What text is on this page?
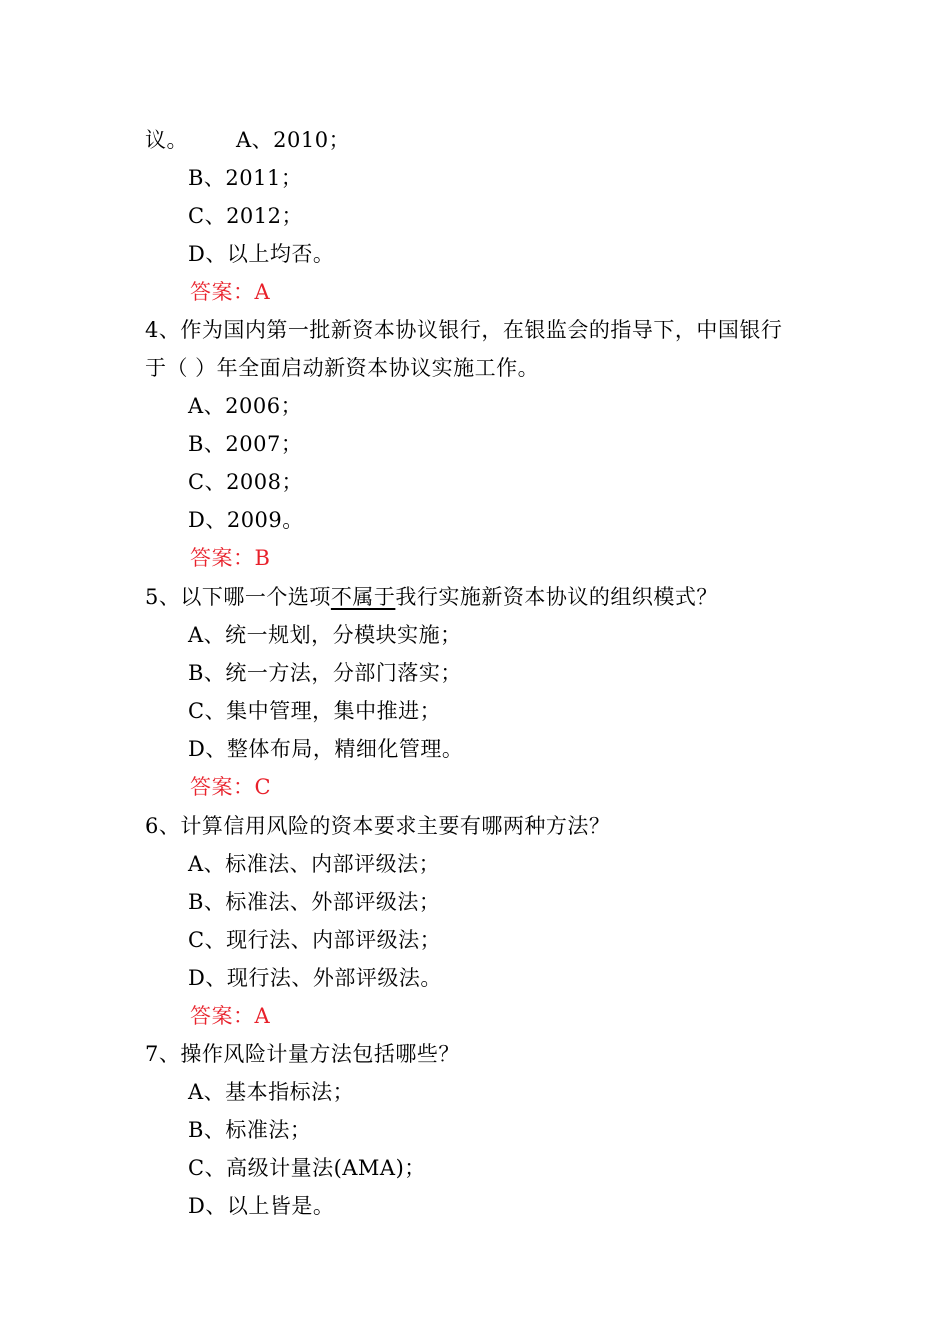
议。 A、2010；
B、2011；
C、2012；
D、以上均否。
答案：A
4、作为国内第一批新资本协议银行，在银监会的指导下，中国银行
于（ ）年全面启动新资本协议实施工作。
A、2006；
B、2007；
C、2008；
D、2009。
答案：B
5、以下哪一个选项不属于我行实施新资本协议的组织模式？
A、统一规划，分模块实施；
B、统一方法，分部门落实；
C、集中管理，集中推进；
D、整体布局，精细化管理。
答案：C
6、计算信用风险的资本要求主要有哪两种方法？
A、标准法、内部评级法；
B、标准法、外部评级法；
C、现行法、内部评级法；
D、现行法、外部评级法。
答案：A
7、操作风险计量方法包括哪些？
A、基本指标法；
B、标准法；
C、高级计量法(AMA)；
D、以上皆是。
